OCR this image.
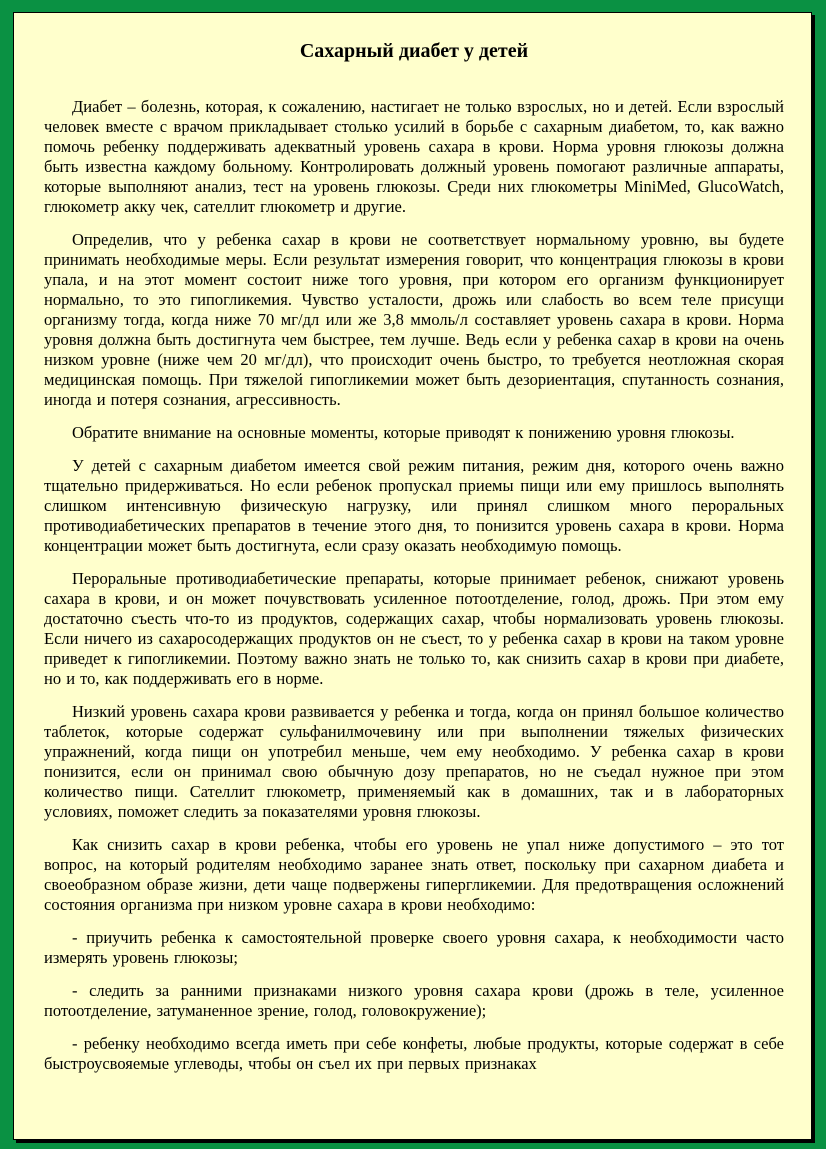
Сахарный диабет у детей

Диабет – болезнь, которая, к сожалению, настигает не только взрослых, но и детей. Если взрослый человек вместе с врачом прикладывает столько усилий в борьбе с сахарным диабетом, то, как важно помочь ребенку поддерживать адекватный уровень сахара в крови. Норма уровня глюкозы должна быть известна каждому больному. Контролировать должный уровень помогают различные аппараты, которые выполняют анализ, тест на уровень глюкозы. Среди них глюкометры MiniMed, GlucoWatch, глюкометр акку чек, сателлит глюкометр и другие.

Определив, что у ребенка сахар в крови не соответствует нормальному уровню, вы будете принимать необходимые меры. Если результат измерения говорит, что концентрация глюкозы в крови упала, и на этот момент состоит ниже того уровня, при котором его организм функционирует нормально, то это гипогликемия. Чувство усталости, дрожь или слабость во всем теле присущи организму тогда, когда ниже 70 мг/дл или же 3,8 ммоль/л составляет уровень сахара в крови. Норма уровня должна быть достигнута чем быстрее, тем лучше. Ведь если у ребенка сахар в крови на очень низком уровне (ниже чем 20 мг/дл), что происходит очень быстро, то требуется неотложная скорая медицинская помощь. При тяжелой гипогликемии может быть дезориентация, спутанность сознания, иногда и потеря сознания, агрессивность.

Обратите внимание на основные моменты, которые приводят к понижению уровня глюкозы.

У детей с сахарным диабетом имеется свой режим питания, режим дня, которого очень важно тщательно придерживаться. Но если ребенок пропускал приемы пищи или ему пришлось выполнять слишком интенсивную физическую нагрузку, или принял слишком много пероральных противодиабетических препаратов в течение этого дня, то понизится уровень сахара в крови. Норма концентрации может быть достигнута, если сразу оказать необходимую помощь.

Пероральные противодиабетические препараты, которые принимает ребенок, снижают уровень сахара в крови, и он может почувствовать усиленное потоотделение, голод, дрожь. При этом ему достаточно съесть что-то из продуктов, содержащих сахар, чтобы нормализовать уровень глюкозы. Если ничего из сахаросодержащих продуктов он не съест, то у ребенка сахар в крови на таком уровне приведет к гипогликемии. Поэтому важно знать не только то, как снизить сахар в крови при диабете, но и то, как поддерживать его в норме.

Низкий уровень сахара крови развивается у ребенка и тогда, когда он принял большое количество таблеток, которые содержат сульфанилмочевину или при выполнении тяжелых физических упражнений, когда пищи он употребил меньше, чем ему необходимо. У ребенка сахар в крови понизится, если он принимал свою обычную дозу препаратов, но не съедал нужное при этом количество пищи. Сателлит глюкометр, применяемый как в домашних, так и в лабораторных условиях, поможет следить за показателями уровня глюкозы.

Как снизить сахар в крови ребенка, чтобы его уровень не упал ниже допустимого – это тот вопрос, на который родителям необходимо заранее знать ответ, поскольку при сахарном диабета и своеобразном образе жизни, дети чаще подвержены гипергликемии. Для предотвращения осложнений состояния организма при низком уровне сахара в крови необходимо:

- приучить ребенка к самостоятельной проверке своего уровня сахара, к необходимости часто измерять уровень глюкозы;

- следить за ранними признаками низкого уровня сахара крови (дрожь в теле, усиленное потоотделение, затуманенное зрение, голод, головокружение);

- ребенку необходимо всегда иметь при себе конфеты, любые продукты, которые содержат в себе быстроусвояемые углеводы, чтобы он съел их при первых признаках
